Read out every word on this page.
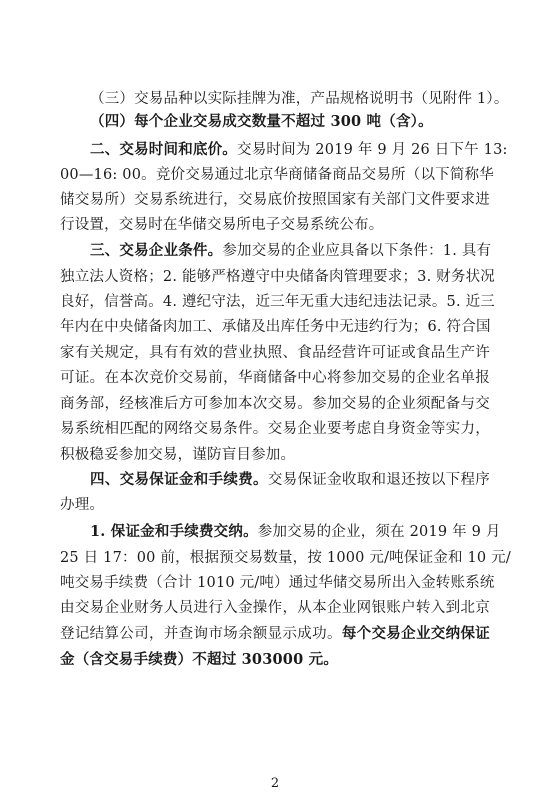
（三）交易品种以实际挂牌为准，产品规格说明书（见附件 1）。
（四）每个企业交易成交数量不超过 300 吨（含）。
二、交易时间和底价。交易时间为 2019 年 9 月 26 日下午 13:
00—16: 00。竞价交易通过北京华商储备商品交易所（以下简称华
储交易所）交易系统进行，交易底价按照国家有关部门文件要求进
行设置，交易时在华储交易所电子交易系统公布。
三、交易企业条件。参加交易的企业应具备以下条件：1. 具有
独立法人资格；2. 能够严格遵守中央储备肉管理要求；3. 财务状况
良好，信誉高。4. 遵纪守法，近三年无重大违纪违法记录。5. 近三
年内在中央储备肉加工、承储及出库任务中无违约行为；6. 符合国
家有关规定，具有有效的营业执照、食品经营许可证或食品生产许
可证。在本次竞价交易前，华商储备中心将参加交易的企业名单报
商务部，经核准后方可参加本次交易。参加交易的企业须配备与交
易系统相匹配的网络交易条件。交易企业要考虑自身资金等实力，
积极稳妥参加交易，谨防盲目参加。
四、交易保证金和手续费。交易保证金收取和退还按以下程序
办理。
1. 保证金和手续费交纳。参加交易的企业，须在 2019 年 9 月
25 日 17：00 前，根据预交易数量，按 1000 元/吨保证金和 10 元/
吨交易手续费（合计 1010 元/吨）通过华储交易所出入金转账系统
由交易企业财务人员进行入金操作，从本企业网银账户转入到北京
登记结算公司，并查询市场余额显示成功。每个交易企业交纳保证
金（含交易手续费）不超过 303000 元。
2
